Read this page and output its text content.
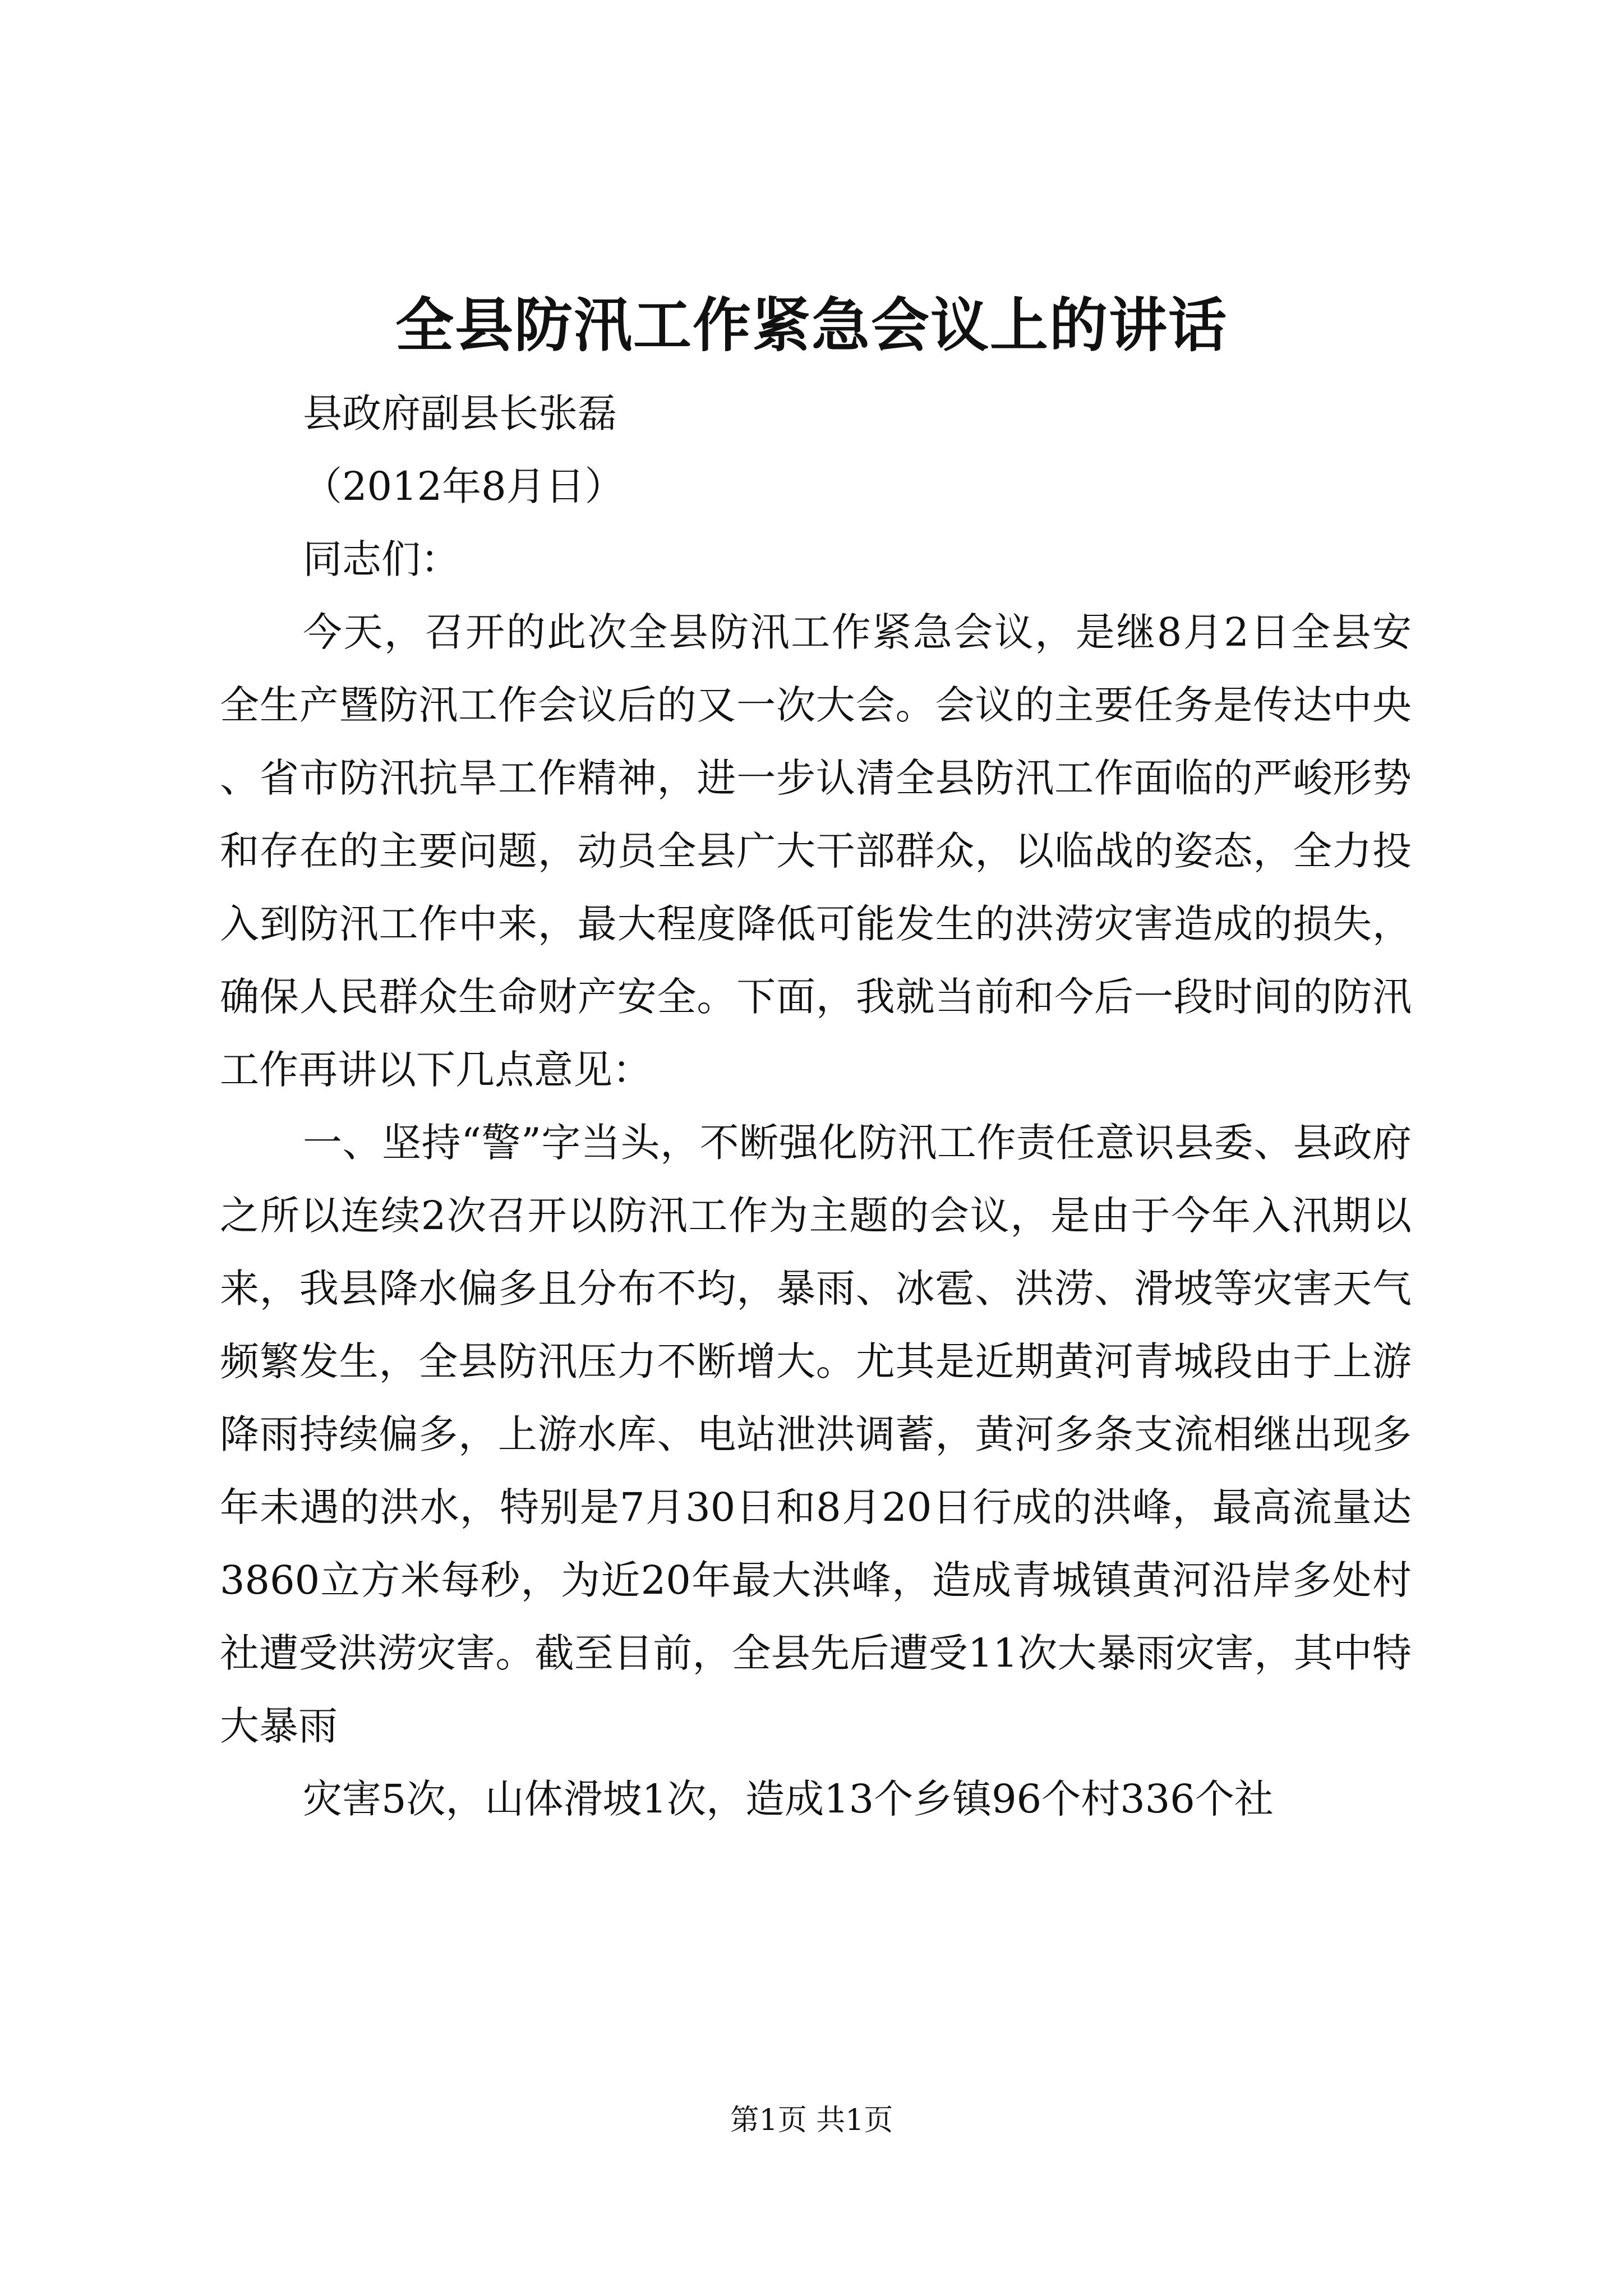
全县防汛工作紧急会议上的讲话

县政府副县长张磊

（2012年8月日）

同志们：

今天，召开的此次全县防汛工作紧急会议，是继8月2日全县安全生产暨防汛工作会议后的又一次大会。会议的主要任务是传达中央、省市防汛抗旱工作精神，进一步认清全县防汛工作面临的严峻形势和存在的主要问题，动员全县广大干部群众，以临战的姿态，全力投入到防汛工作中来，最大程度降低可能发生的洪涝灾害造成的损失，确保人民群众生命财产安全。下面，我就当前和今后一段时间的防汛工作再讲以下几点意见：

一、坚持“警”字当头，不断强化防汛工作责任意识县委、县政府之所以连续2次召开以防汛工作为主题的会议，是由于今年入汛期以来，我县降水偏多且分布不均，暴雨、冰雹、洪涝、滑坡等灾害天气频繁发生，全县防汛压力不断增大。尤其是近期黄河青城段由于上游降雨持续偏多，上游水库、电站泄洪调蓄，黄河多条支流相继出现多年未遇的洪水，特别是7月30日和8月20日行成的洪峰，最高流量达3860立方米每秒，为近20年最大洪峰，造成青城镇黄河沿岸多处村社遭受洪涝灾害。截至目前，全县先后遭受11次大暴雨灾害，其中特大暴雨

灾害5次，山体滑坡1次，造成13个乡镇96个村336个社

第1页 共1页
